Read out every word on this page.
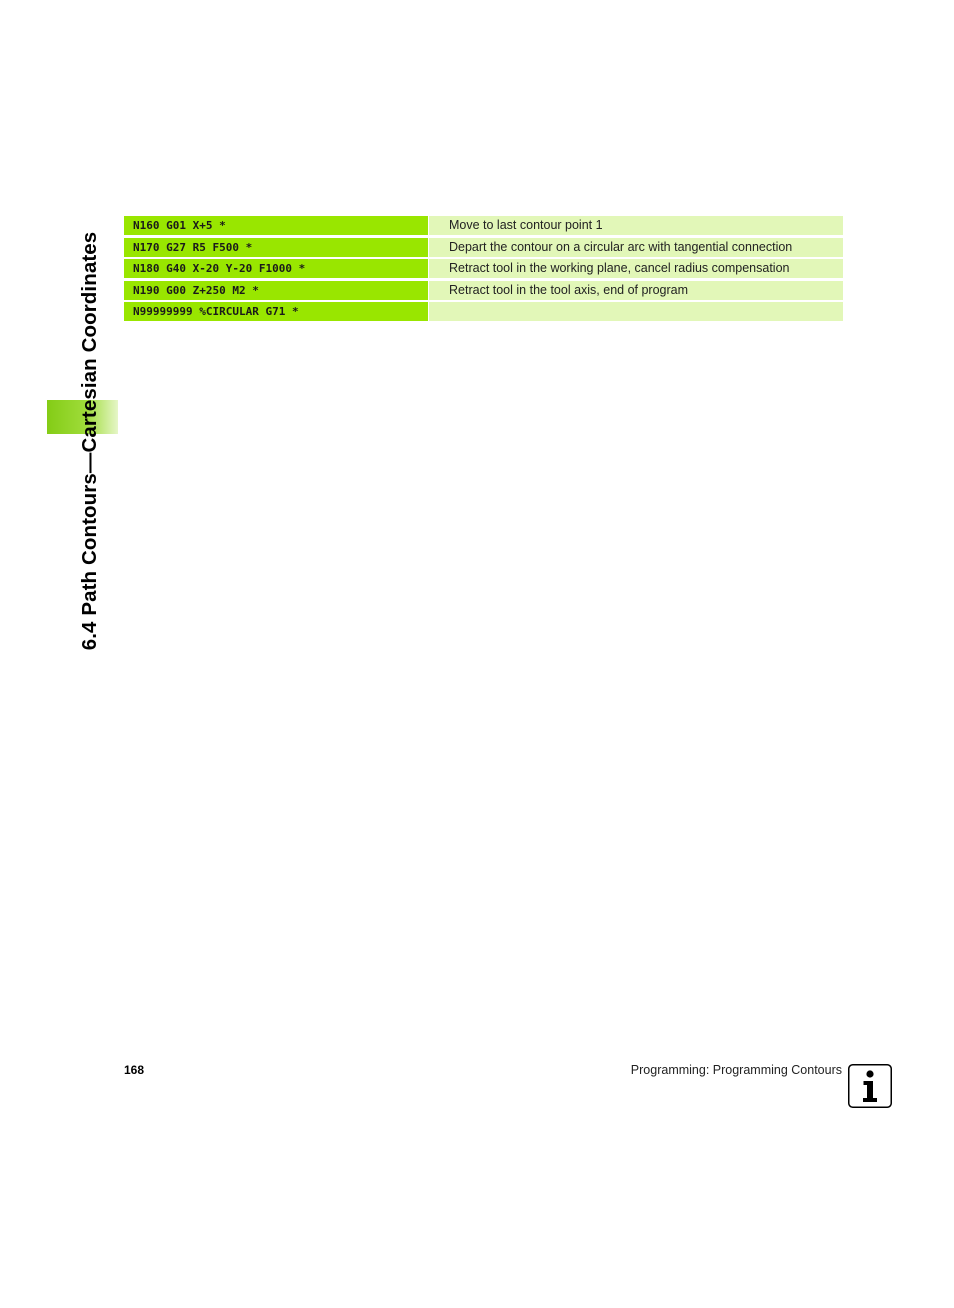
6.4 Path Contours—Cartesian Coordinates
N160 G01 X+5 *	Move to last contour point 1
N170 G27 R5 F500 *	Depart the contour on a circular arc with tangential connection
N180 G40 X-20 Y-20 F1000 *	Retract tool in the working plane, cancel radius compensation
N190 G00 Z+250 M2 *	Retract tool in the tool axis, end of program
N99999999 %CIRCULAR G71 *
168	Programming: Programming Contours
